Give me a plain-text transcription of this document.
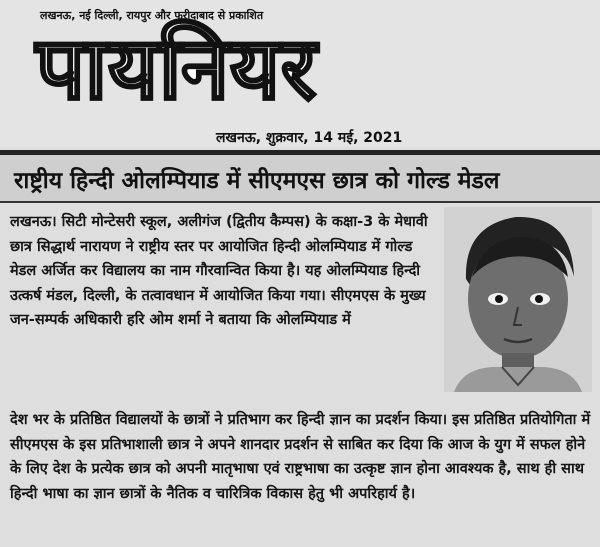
लखनऊ, नई दिल्ली, रायपुर और फरीदाबाद से प्रकाशित
पायनियर
लखनऊ, शुक्रवार, 14 मई, 2021
राष्ट्रीय हिन्दी ओलम्पियाड में सीएमएस छात्र को गोल्ड मेडल

लखनऊ। सिटी मोन्टेसरी स्कूल, अलीगंज (द्वितीय कैम्पस) के कक्षा-3 के मेधावी छात्र सिद्धार्थ नारायण ने राष्ट्रीय स्तर पर आयोजित हिन्दी ओलम्पियाड में गोल्ड मेडल अर्जित कर विद्यालय का नाम गौरवान्वित किया है। यह ओलम्पियाड हिन्दी उत्कर्ष मंडल, दिल्ली, के तत्वावधान में आयोजित किया गया। सीएमएस के मुख्य जन-सम्पर्क अधिकारी हरि ओम शर्मा ने बताया कि ओलम्पियाड में

देश भर के प्रतिष्ठित विद्यालयों के छात्रों ने प्रतिभाग कर हिन्दी ज्ञान का प्रदर्शन किया। इस प्रतिष्ठित प्रतियोगिता में सीएमएस के इस प्रतिभाशाली छात्र ने अपने शानदार प्रदर्शन से साबित कर दिया कि आज के युग में सफल होने के लिए देश के प्रत्येक छात्र को अपनी मातृभाषा एवं राष्ट्रभाषा का उत्कृष्ट ज्ञान होना आवश्यक है, साथ ही साथ हिन्दी भाषा का ज्ञान छात्रों के नैतिक व चारित्रिक विकास हेतु भी अपरिहार्य है।
